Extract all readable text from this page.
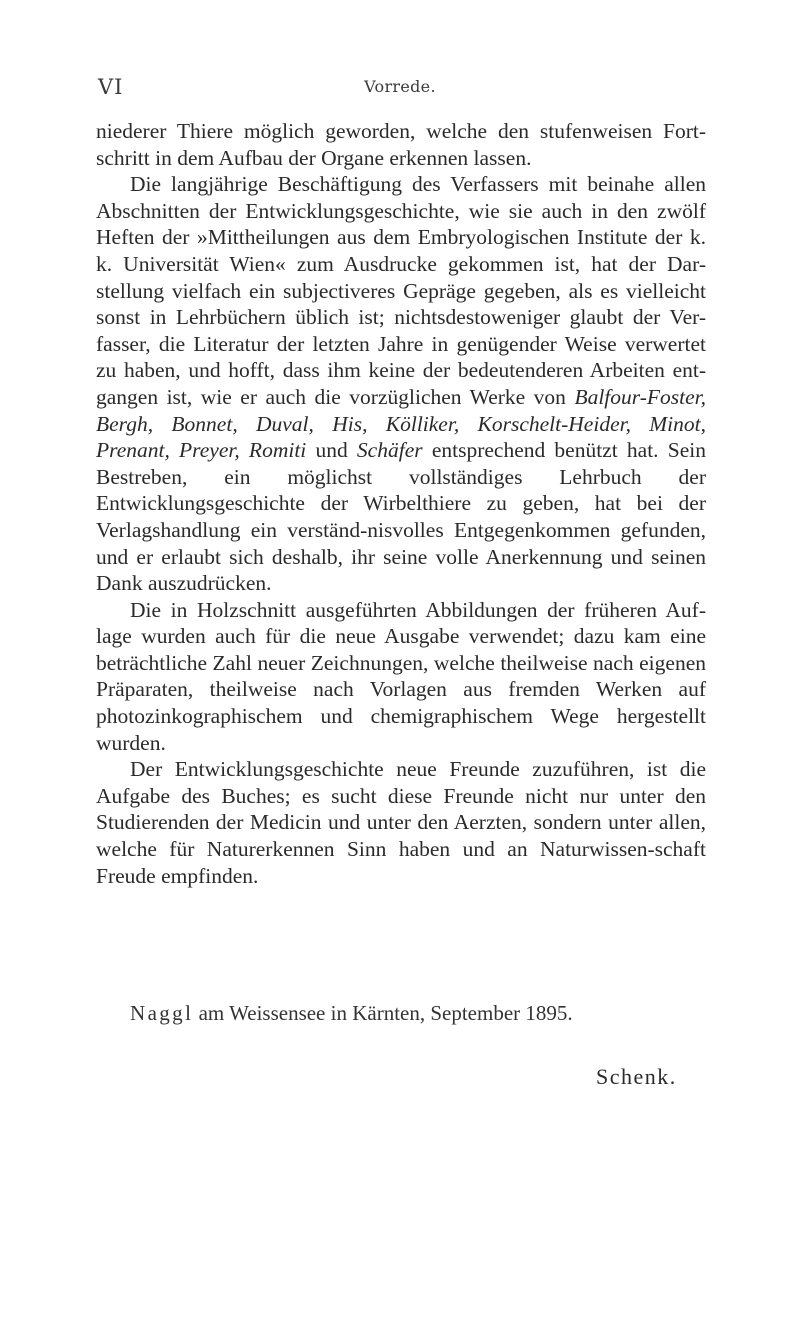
VI	Vorrede.

niederer Thiere möglich geworden, welche den stufenweisen Fort-schritt in dem Aufbau der Organe erkennen lassen.

Die langjährige Beschäftigung des Verfassers mit beinahe allen Abschnitten der Entwicklungsgeschichte, wie sie auch in den zwölf Heften der »Mittheilungen aus dem Embryologischen Institute der k. k. Universität Wien« zum Ausdrucke gekommen ist, hat der Dar-stellung vielfach ein subjectiveres Gepräge gegeben, als es vielleicht sonst in Lehrbüchern üblich ist; nichtsdestoweniger glaubt der Ver-fasser, die Literatur der letzten Jahre in genügender Weise verwertet zu haben, und hofft, dass ihm keine der bedeutenderen Arbeiten ent-gangen ist, wie er auch die vorzüglichen Werke von Balfour-Foster, Bergh, Bonnet, Duval, His, Kölliker, Korschelt-Heider, Minot, Prenant, Preyer, Romiti und Schäfer entsprechend benützt hat. Sein Bestreben, ein möglichst vollständiges Lehrbuch der Entwicklungsgeschichte der Wirbelthiere zu geben, hat bei der Verlagshandlung ein verständ-nisvolles Entgegenkommen gefunden, und er erlaubt sich deshalb, ihr seine volle Anerkennung und seinen Dank auszudrücken.

Die in Holzschnitt ausgeführten Abbildungen der früheren Auf-lage wurden auch für die neue Ausgabe verwendet; dazu kam eine beträchtliche Zahl neuer Zeichnungen, welche theilweise nach eigenen Präparaten, theilweise nach Vorlagen aus fremden Werken auf photozinkographischem und chemigraphischem Wege hergestellt wurden.

Der Entwicklungsgeschichte neue Freunde zuzuführen, ist die Aufgabe des Buches; es sucht diese Freunde nicht nur unter den Studierenden der Medicin und unter den Aerzten, sondern unter allen, welche für Naturerkennen Sinn haben und an Naturwissen-schaft Freude empfinden.

Naggl am Weissensee in Kärnten, September 1895.
Schenk.
